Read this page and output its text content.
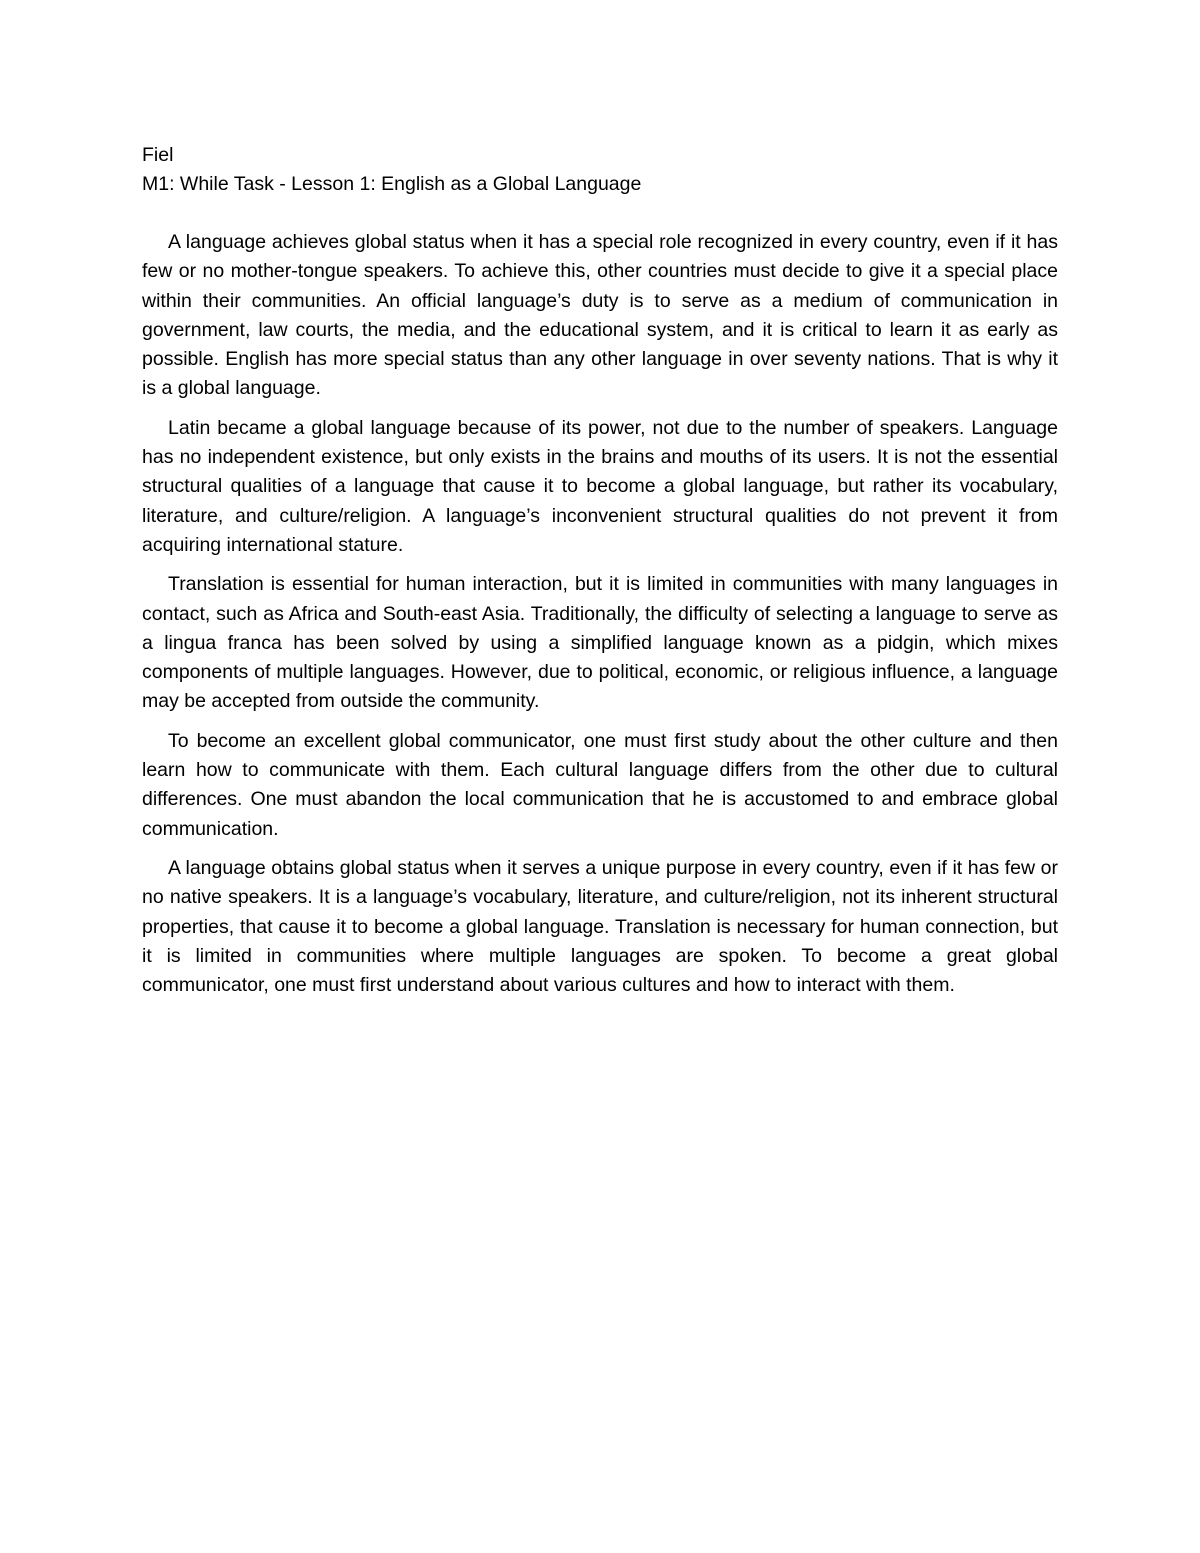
Fiel

M1: While Task - Lesson 1: English as a Global Language

A language achieves global status when it has a special role recognized in every country, even if it has few or no mother-tongue speakers. To achieve this, other countries must decide to give it a special place within their communities. An official language’s duty is to serve as a medium of communication in government, law courts, the media, and the educational system, and it is critical to learn it as early as possible. English has more special status than any other language in over seventy nations. That is why it is a global language.

Latin became a global language because of its power, not due to the number of speakers. Language has no independent existence, but only exists in the brains and mouths of its users. It is not the essential structural qualities of a language that cause it to become a global language, but rather its vocabulary, literature, and culture/religion. A language’s inconvenient structural qualities do not prevent it from acquiring international stature.

Translation is essential for human interaction, but it is limited in communities with many languages in contact, such as Africa and South-east Asia. Traditionally, the difficulty of selecting a language to serve as a lingua franca has been solved by using a simplified language known as a pidgin, which mixes components of multiple languages. However, due to political, economic, or religious influence, a language may be accepted from outside the community.

To become an excellent global communicator, one must first study about the other culture and then learn how to communicate with them. Each cultural language differs from the other due to cultural differences. One must abandon the local communication that he is accustomed to and embrace global communication.

A language obtains global status when it serves a unique purpose in every country, even if it has few or no native speakers. It is a language’s vocabulary, literature, and culture/religion, not its inherent structural properties, that cause it to become a global language. Translation is necessary for human connection, but it is limited in communities where multiple languages are spoken. To become a great global communicator, one must first understand about various cultures and how to interact with them.
